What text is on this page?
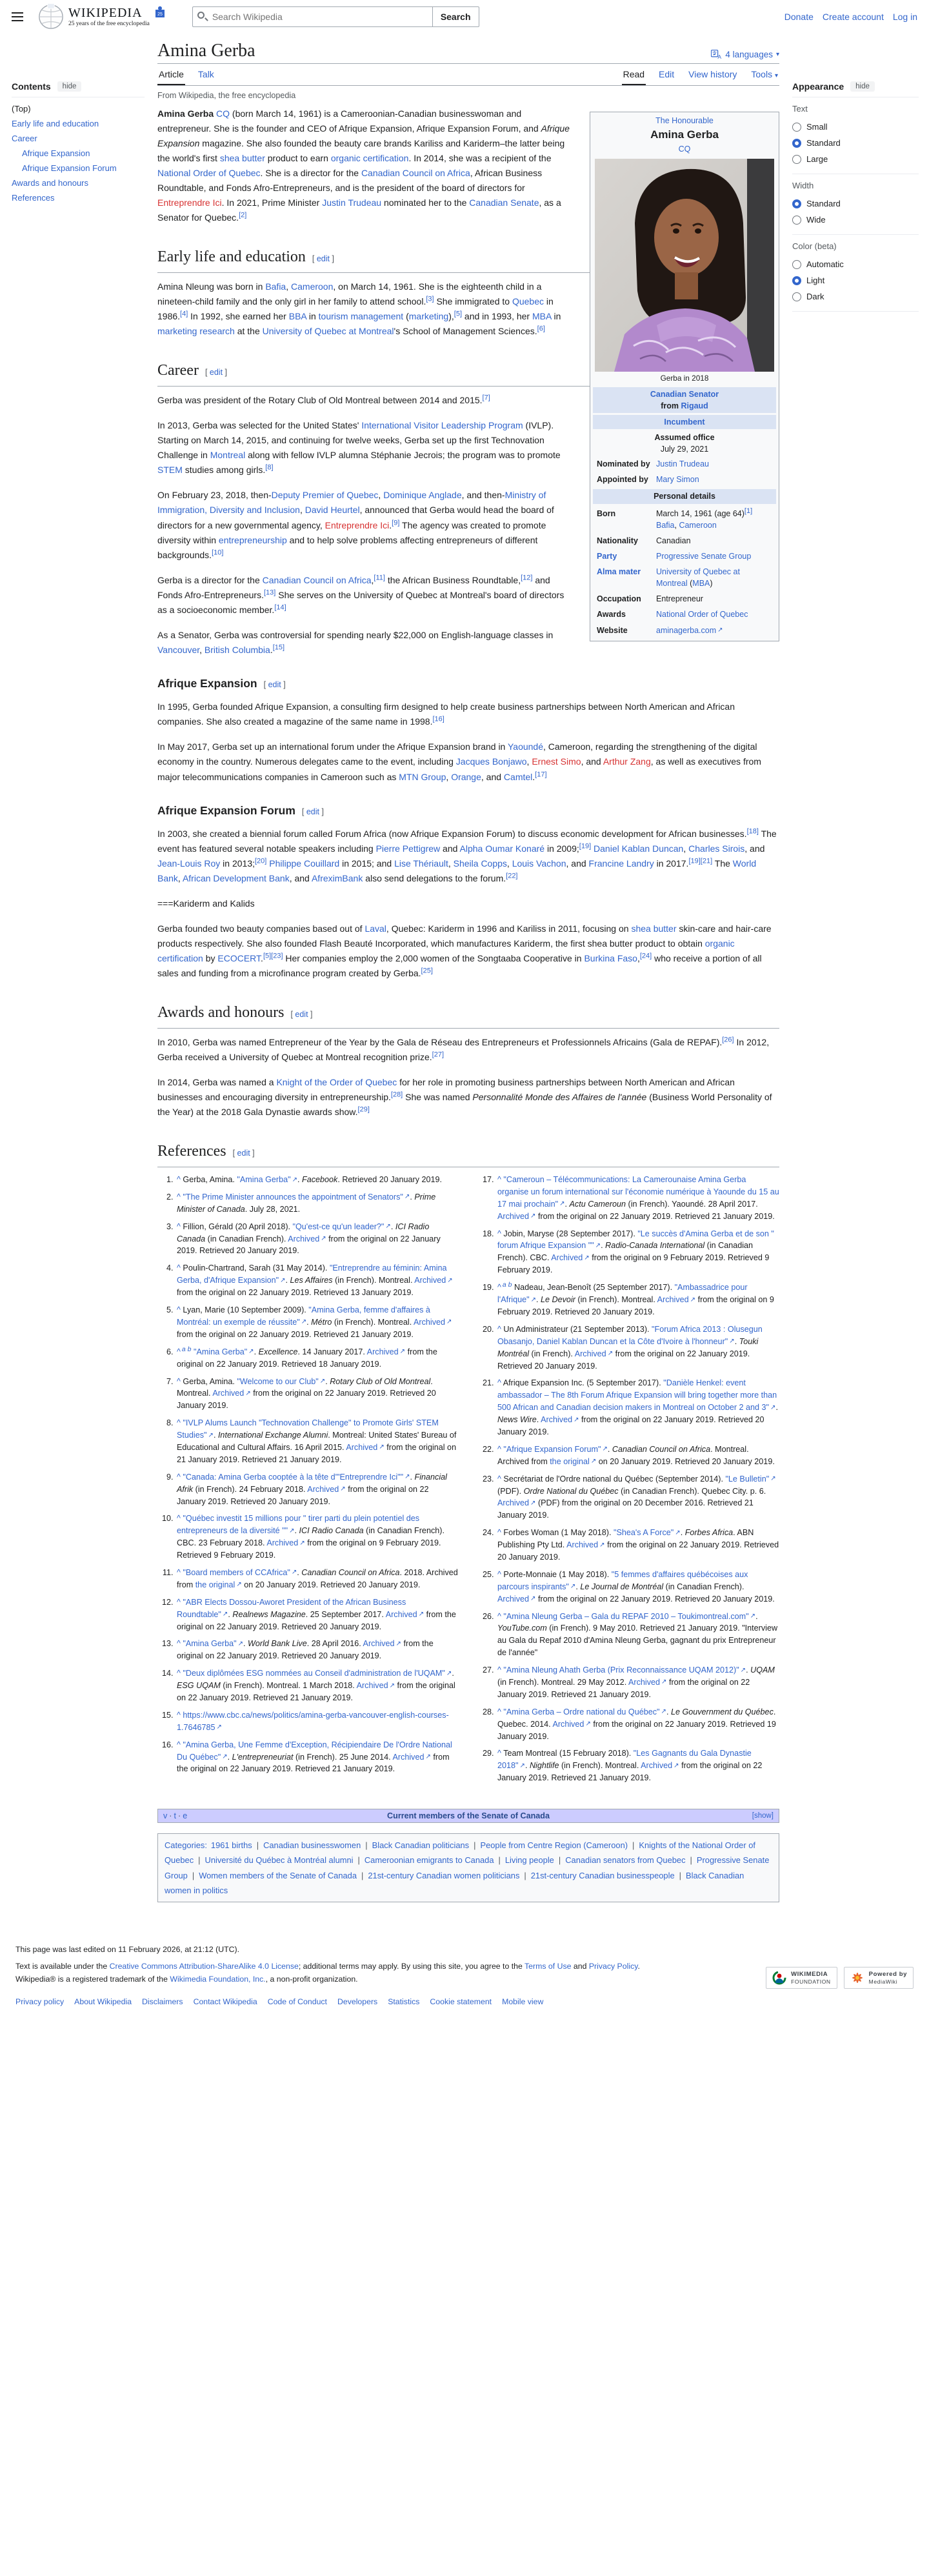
WIKIPEDIA
25 years of the free encyclopedia
25
Search Wikipedia	Search	Donate Create account Log in
Contents	hide
(Top)
Early life and education
Career
Afrique Expansion
Afrique Expansion Forum
Awards and honours
References
Amina Gerba	A 4 languages ▾
Article Talk	Read Edit View history Tools ▾
From Wikipedia, the free encyclopedia
The Honourable
Amina Gerba
CQ
Gerba in 2018
Canadian Senator
from Rigaud
Incumbent
Assumed office
July 29, 2021
Nominated by Justin Trudeau
Appointed by Mary Simon
Personal details
Born	March 14, 1961 (age 64)[1]
Bafia, Cameroon
Nationality	Canadian
Party	Progressive Senate Group
Alma mater	University of Quebec at Montreal (MBA)
Occupation	Entrepreneur
Awards	National Order of Quebec
Website	aminagerba.com ↗

Amina Gerba CQ (born March 14, 1961) is a Cameroonian-Canadian businesswoman and entrepreneur. She is the founder and CEO of Afrique Expansion, Afrique Expansion Forum, and Afrique Expansion magazine. She also founded the beauty care brands Kariliss and Kariderm–the latter being the world's first shea butter product to earn organic certification. In 2014, she was a recipient of the National Order of Quebec. She is a director for the Canadian Council on Africa, African Business Roundtable, and Fonds Afro-Entrepreneurs, and is the president of the board of directors for Entreprendre Ici. In 2021, Prime Minister Justin Trudeau nominated her to the Canadian Senate, as a Senator for Quebec.[2]

Early life and education [ edit ]

Amina Nleung was born in Bafia, Cameroon, on March 14, 1961. She is the eighteenth child in a nineteen-child family and the only girl in her family to attend school.[3] She immigrated to Quebec in 1986.[4] In 1992, she earned her BBA in tourism management (marketing),[5] and in 1993, her MBA in marketing research at the University of Quebec at Montreal's School of Management Sciences.[6]

Career [ edit ]

Gerba was president of the Rotary Club of Old Montreal between 2014 and 2015.[7]

In 2013, Gerba was selected for the United States' International Visitor Leadership Program (IVLP). Starting on March 14, 2015, and continuing for twelve weeks, Gerba set up the first Technovation Challenge in Montreal along with fellow IVLP alumna Stéphanie Jecrois; the program was to promote STEM studies among girls.[8]

On February 23, 2018, then-Deputy Premier of Quebec, Dominique Anglade, and then-Ministry of Immigration, Diversity and Inclusion, David Heurtel, announced that Gerba would head the board of directors for a new governmental agency, Entreprendre Ici.[9] The agency was created to promote diversity within entrepreneurship and to help solve problems affecting entrepreneurs of different backgrounds.[10]

Gerba is a director for the Canadian Council on Africa,[11] the African Business Roundtable,[12] and Fonds Afro-Entrepreneurs.[13] She serves on the University of Quebec at Montreal's board of directors as a socioeconomic member.[14]

As a Senator, Gerba was controversial for spending nearly $22,000 on English-language classes in Vancouver, British Columbia.[15]

Afrique Expansion [ edit ]

In 1995, Gerba founded Afrique Expansion, a consulting firm designed to help create business partnerships between North American and African companies. She also created a magazine of the same name in 1998.[16]

In May 2017, Gerba set up an international forum under the Afrique Expansion brand in Yaoundé, Cameroon, regarding the strengthening of the digital economy in the country. Numerous delegates came to the event, including Jacques Bonjawo, Ernest Simo, and Arthur Zang, as well as executives from major telecommunications companies in Cameroon such as MTN Group, Orange, and Camtel.[17]

Afrique Expansion Forum [ edit ]

In 2003, she created a biennial forum called Forum Africa (now Afrique Expansion Forum) to discuss economic development for African businesses.[18] The event has featured several notable speakers including Pierre Pettigrew and Alpha Oumar Konaré in 2009;[19] Daniel Kablan Duncan, Charles Sirois, and Jean-Louis Roy in 2013;[20] Philippe Couillard in 2015; and Lise Thériault, Sheila Copps, Louis Vachon, and Francine Landry in 2017.[19][21] The World Bank, African Development Bank, and AfreximBank also send delegations to the forum.[22]

===Kariderm and Kalids

Gerba founded two beauty companies based out of Laval, Quebec: Kariderm in 1996 and Kariliss in 2011, focusing on shea butter skin-care and hair-care products respectively. She also founded Flash Beauté Incorporated, which manufactures Kariderm, the first shea butter product to obtain organic certification by ECOCERT.[5][23] Her companies employ the 2,000 women of the Songtaaba Cooperative in Burkina Faso,[24] who receive a portion of all sales and funding from a microfinance program created by Gerba.[25]

Awards and honours [ edit ]

In 2010, Gerba was named Entrepreneur of the Year by the Gala de Réseau des Entrepreneurs et Professionnels Africains (Gala de REPAF).[26] In 2012, Gerba received a University of Quebec at Montreal recognition prize.[27]

In 2014, Gerba was named a Knight of the Order of Quebec for her role in promoting business partnerships between North American and African businesses and encouraging diversity in entrepreneurship.[28] She was named Personnalité Monde des Affaires de l'année (Business World Personality of the Year) at the 2018 Gala Dynastie awards show.[29]

References [ edit ]
1. ^ Gerba, Amina. "Amina Gerba" ↗ . Facebook. Retrieved 20 January 2019.
2. ^ "The Prime Minister announces the appointment of Senators" ↗ . Prime Minister of Canada. July 28, 2021.
3. ^ Fillion, Gérald (20 April 2018). "Qu'est-ce qu'un leader?" ↗ . ICI Radio Canada (in Canadian French). Archived ↗ from the original on 22 January 2019. Retrieved 20 January 2019.
4. ^ Poulin-Chartrand, Sarah (31 May 2014). "Entreprendre au féminin: Amina Gerba, d'Afrique Expansion" ↗ . Les Affaires (in French). Montreal. Archived ↗ from the original on 22 January 2019. Retrieved 13 January 2019.
5. ^ Lyan, Marie (10 September 2009). "Amina Gerba, femme d'affaires à Montréal: un exemple de réussite" ↗ . Métro (in French). Montreal. Archived ↗ from the original on 22 January 2019. Retrieved 21 January 2019.
6. ^ $^{a b}$ "Amina Gerba" ↗ . Excellence. 14 January 2017. Archived ↗ from the original on 22 January 2019. Retrieved 18 January 2019.
7. ^ Gerba, Amina. "Welcome to our Club" ↗ . Rotary Club of Old Montreal. Montreal. Archived ↗ from the original on 22 January 2019. Retrieved 20 January 2019.
8. ^ "IVLP Alums Launch "Technovation Challenge" to Promote Girls' STEM Studies" ↗ . International Exchange Alumni. Montreal: United States' Bureau of Educational and Cultural Affairs. 16 April 2015. Archived ↗ from the original on 21 January 2019. Retrieved 21 January 2019.
9. ^ "Canada: Amina Gerba cooptée à la tête d'"Entreprendre Ici"" ↗ . Financial Afrik (in French). 24 February 2018. Archived ↗ from the original on 22 January 2019. Retrieved 20 January 2019.
10. ^ "Québec investit 15 millions pour " tirer parti du plein potentiel des entrepreneurs de la diversité "" ↗ . ICI Radio Canada (in Canadian French). CBC. 23 February 2018. Archived ↗ from the original on 9 February 2019. Retrieved 9 February 2019.
11. ^ "Board members of CCAfrica" ↗ . Canadian Council on Africa. 2018. Archived from the original ↗ on 20 January 2019. Retrieved 20 January 2019.
12. ^ "ABR Elects Dossou-Aworet President of the African Business Roundtable" ↗ . Realnews Magazine. 25 September 2017. Archived ↗ from the original on 22 January 2019. Retrieved 20 January 2019.
13. ^ "Amina Gerba" ↗ . World Bank Live. 28 April 2016. Archived ↗ from the original on 22 January 2019. Retrieved 20 January 2019.
14. ^ "Deux diplômées ESG nommées au Conseil d'administration de l'UQAM" ↗ . ESG UQAM (in French). Montreal. 1 March 2018. Archived ↗ from the original on 22 January 2019. Retrieved 21 January 2019.
15. ^ https://www.cbc.ca/news/politics/amina-gerba-vancouver-english-courses-1.7646785 ↗
16. ^ "Amina Gerba, Une Femme d'Exception, Récipiendaire De l'Ordre National Du Québec" ↗ . L'entrepreneuriat (in French). 25 June 2014. Archived ↗ from the original on 22 January 2019. Retrieved 21 January 2019.
17. ^ "Cameroun – Télécommunications: La Camerounaise Amina Gerba organise un forum international sur l'économie numérique à Yaounde du 15 au 17 mai prochain" ↗ . Actu Cameroun (in French). Yaoundé. 28 April 2017. Archived ↗ from the original on 22 January 2019. Retrieved 21 January 2019.
18. ^ Jobin, Maryse (28 September 2017). "Le succès d'Amina Gerba et de son " forum Afrique Expansion "" ↗ . Radio-Canada International (in Canadian French). CBC. Archived ↗ from the original on 9 February 2019. Retrieved 9 February 2019.
19. ^ $^{a b}$ Nadeau, Jean-Benoît (25 September 2017). "Ambassadrice pour l'Afrique" ↗ . Le Devoir (in French). Montreal. Archived ↗ from the original on 9 February 2019. Retrieved 20 January 2019.
20. ^ Un Administrateur (21 September 2013). "Forum Africa 2013 : Olusegun Obasanjo, Daniel Kablan Duncan et la Côte d'Ivoire à l'honneur" ↗ . Touki Montréal (in French). Archived ↗ from the original on 22 January 2019. Retrieved 20 January 2019.
21. ^ Afrique Expansion Inc. (5 September 2017). "Danièle Henkel: event ambassador – The 8th Forum Afrique Expansion will bring together more than 500 African and Canadian decision makers in Montreal on October 2 and 3" ↗ . News Wire. Archived ↗ from the original on 22 January 2019. Retrieved 20 January 2019.
22. ^ "Afrique Expansion Forum" ↗ . Canadian Council on Africa. Montreal. Archived from the original ↗ on 20 January 2019. Retrieved 20 January 2019.
23. ^ Secrétariat de l'Ordre national du Québec (September 2014). "Le Bulletin" ↗ (PDF). Ordre National du Québec (in Canadian French). Quebec City. p. 6. Archived ↗ (PDF) from the original on 20 December 2016. Retrieved 21 January 2019.
24. ^ Forbes Woman (1 May 2018). "Shea's A Force" ↗ . Forbes Africa. ABN Publishing Pty Ltd. Archived ↗ from the original on 22 January 2019. Retrieved 20 January 2019.
25. ^ Porte-Monnaie (1 May 2018). "5 femmes d'affaires québécoises aux parcours inspirants" ↗ . Le Journal de Montréal (in Canadian French). Archived ↗ from the original on 22 January 2019. Retrieved 20 January 2019.
26. ^ "Amina Nleung Gerba – Gala du REPAF 2010 – Toukimontreal.com" ↗ . YouTube.com (in French). 9 May 2010. Retrieved 21 January 2019. "Interview au Gala du Repaf 2010 d'Amina Nleung Gerba, gagnant du prix Entrepreneur de l'année"
27. ^ "Amina Nleung Ahath Gerba (Prix Reconnaissance UQAM 2012)" ↗ . UQAM (in French). Montreal. 29 May 2012. Archived ↗ from the original on 22 January 2019. Retrieved 21 January 2019.
28. ^ "Amina Gerba – Ordre national du Québec" ↗ . Le Gouvernment du Québec. Quebec. 2014. Archived ↗ from the original on 22 January 2019. Retrieved 19 January 2019.
29. ^ Team Montreal (15 February 2018). "Les Gagnants du Gala Dynastie 2018" ↗ . Nightlife (in French). Montreal. Archived ↗ from the original on 22 January 2019. Retrieved 21 January 2019.
v · t · e	Current members of the Senate of Canada	[show]
Categories: 1961 births | Canadian businesswomen | Black Canadian politicians | People from Centre Region (Cameroon) | Knights of the National Order of Quebec | Université du Québec à Montréal alumni | Cameroonian emigrants to Canada | Living people | Canadian senators from Quebec | Progressive Senate Group | Women members of the Senate of Canada | 21st-century Canadian women politicians | 21st-century Canadian businesspeople | Black Canadian women in politics
Appearance	hide
Text
Small
Standard
Large
Width
Standard
Wide
Color (beta)
Automatic
Light
Dark
This page was last edited on 11 February 2026, at 21:12 (UTC).
Text is available under the Creative Commons Attribution-ShareAlike 4.0 License; additional terms may apply. By using this site, you agree to the Terms of Use and Privacy Policy. Wikipedia® is a registered trademark of the Wikimedia Foundation, Inc., a non-profit organization.
Privacy policy About Wikipedia Disclaimers Contact Wikipedia Code of Conduct Developers Statistics Cookie statement Mobile view
WIKIMEDIA
FOUNDATION
Powered by
MediaWiki
